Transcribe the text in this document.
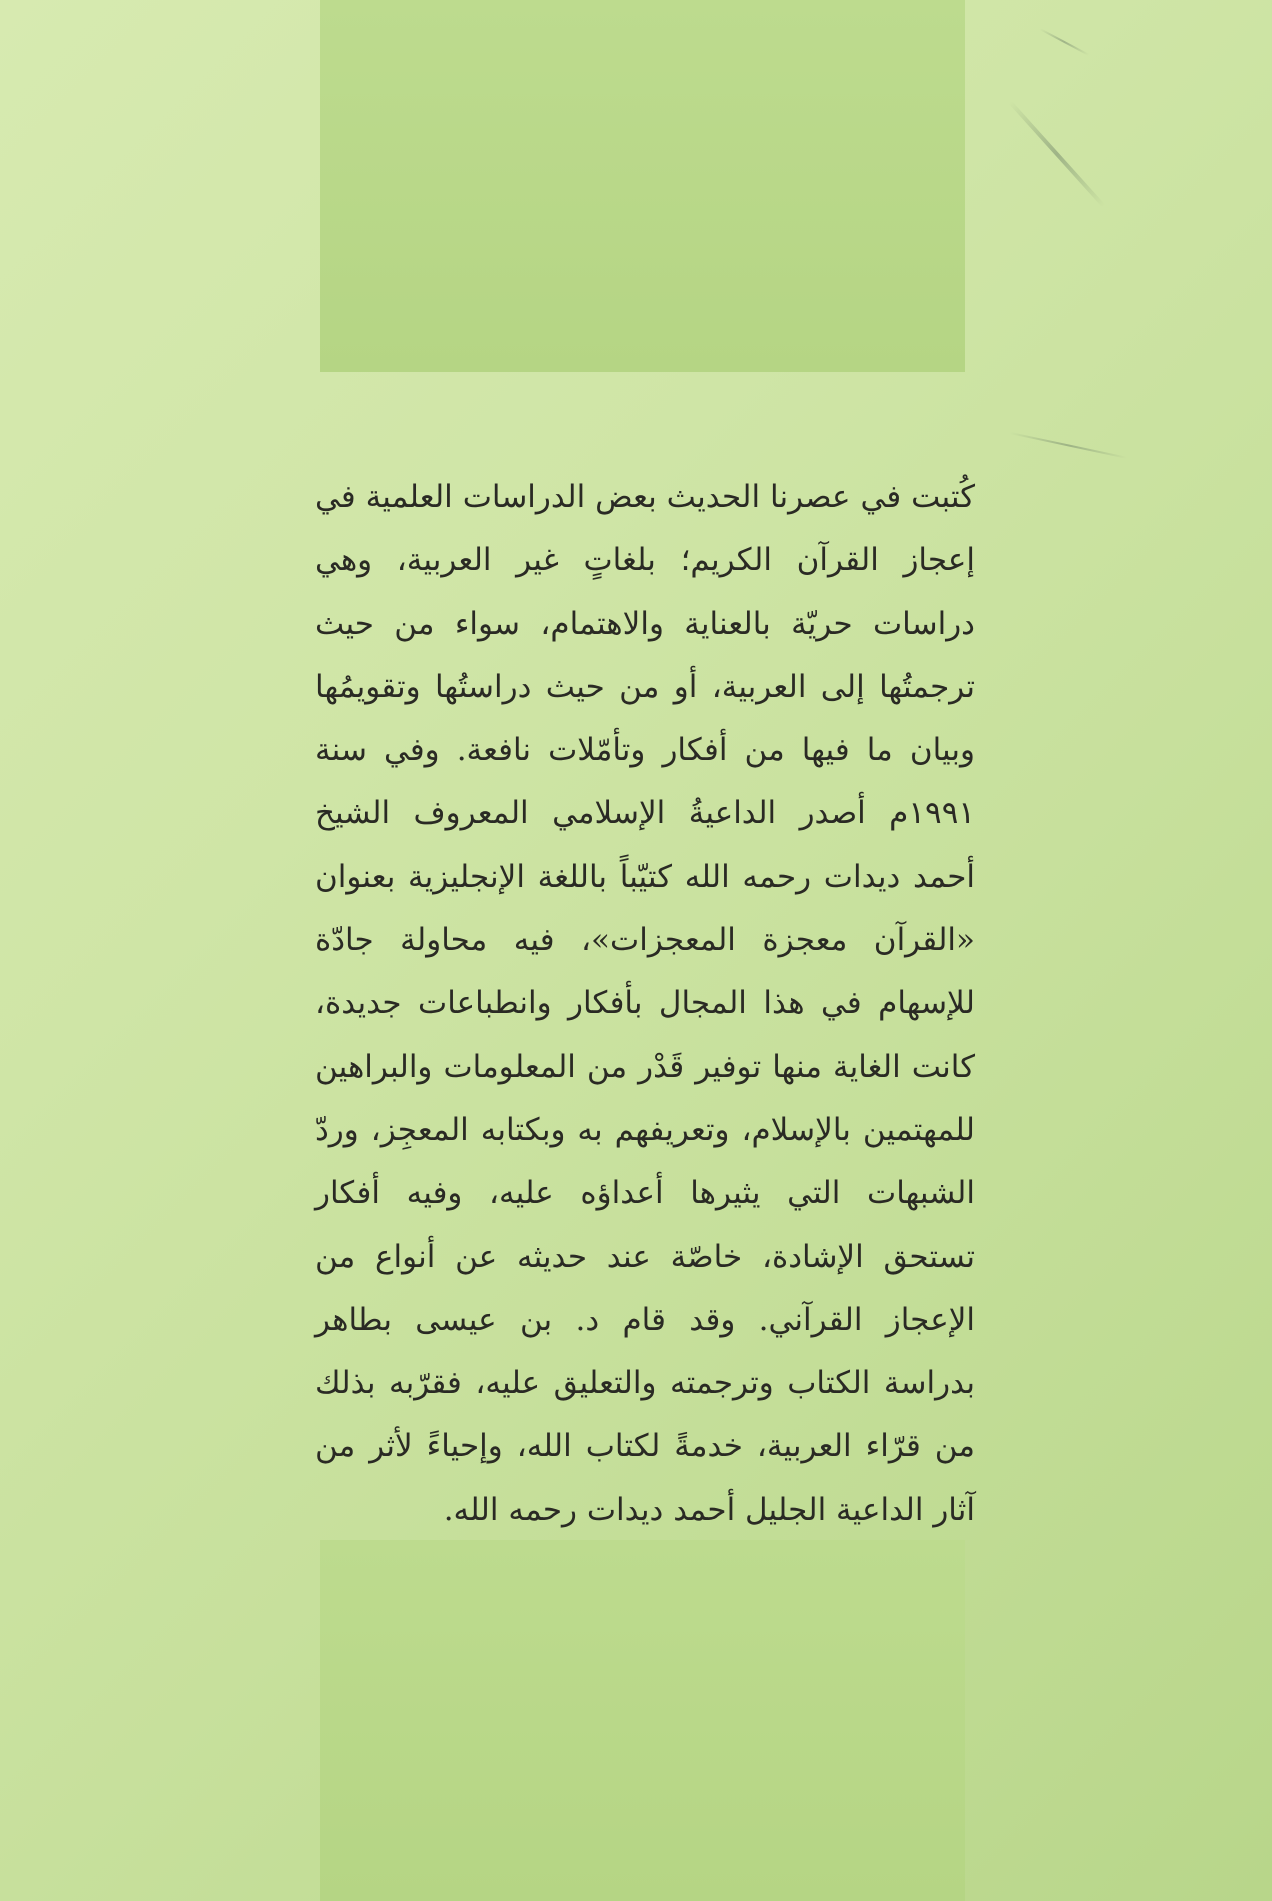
كُتبت في عصرنا الحديث بعض الدراسات العلمية في إعجاز القرآن الكريم؛ بلغاتٍ غير العربية، وهي دراسات حريّة بالعناية والاهتمام، سواء من حيث ترجمتُها إلى العربية، أو من حيث دراستُها وتقويمُها وبيان ما فيها من أفكار وتأمّلات نافعة. وفي سنة ١٩٩١م أصدر الداعيةُ الإسلامي المعروف الشيخ أحمد ديدات رحمه الله كتيّباً باللغة الإنجليزية بعنوان «القرآن معجزة المعجزات»، فيه محاولة جادّة للإسهام في هذا المجال بأفكار وانطباعات جديدة، كانت الغاية منها توفير قَدْر من المعلومات والبراهين للمهتمين بالإسلام، وتعريفهم به وبكتابه المعجِز، وردّ الشبهات التي يثيرها أعداؤه عليه، وفيه أفكار تستحق الإشادة، خاصّة عند حديثه عن أنواع من الإعجاز القرآني. وقد قام د. بن عيسى بطاهر بدراسة الكتاب وترجمته والتعليق عليه، فقرّبه بذلك من قرّاء العربية، خدمةً لكتاب الله، وإحياءً لأثر من آثار الداعية الجليل أحمد ديدات رحمه الله.
